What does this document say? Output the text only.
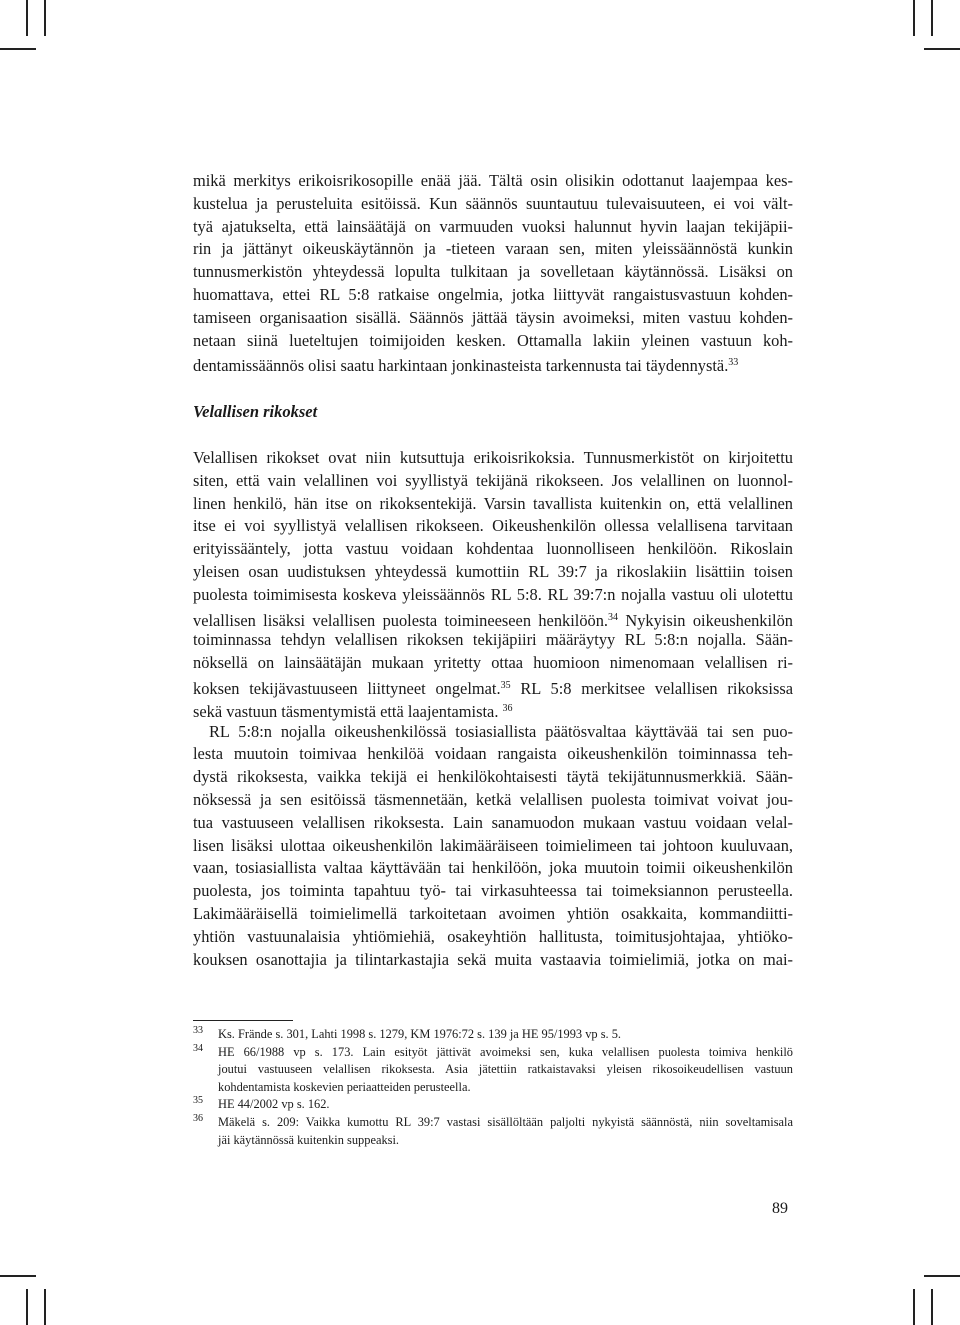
mikä merkitys erikoisrikosopille enää jää. Tältä osin olisikin odottanut laajempaa kes-
kustelua ja perusteluita esitöissä. Kun säännös suuntautuu tulevaisuuteen, ei voi vält-
tyä ajatukselta, että lainsäätäjä on varmuuden vuoksi halunnut hyvin laajan tekijäpii-
rin ja jättänyt oikeuskäytännön ja -tieteen varaan sen, miten yleissäännöstä kunkin
tunnusmerkistön yhteydessä lopulta tulkitaan ja sovelletaan käytännössä. Lisäksi on
huomattava, ettei RL 5:8 ratkaise ongelmia, jotka liittyvät rangaistusvastuun kohden-
tamiseen organisaation sisällä. Säännös jättää täysin avoimeksi, miten vastuu kohden-
netaan siinä lueteltujen toimijoiden kesken. Ottamalla lakiin yleinen vastuun koh-
dentamissäännös olisi saatu harkintaan jonkinasteista tarkennusta tai täydennystä.$^{33}$
Velallisen rikokset
Velallisen rikokset ovat niin kutsuttuja erikoisrikoksia. Tunnusmerkistöt on kirjoitettu
siten, että vain velallinen voi syyllistyä tekijänä rikokseen. Jos velallinen on luonnol-
linen henkilö, hän itse on rikoksentekijä. Varsin tavallista kuitenkin on, että velallinen
itse ei voi syyllistyä velallisen rikokseen. Oikeushenkilön ollessa velallisena tarvitaan
erityissääntely, jotta vastuu voidaan kohdentaa luonnolliseen henkilöön. Rikoslain
yleisen osan uudistuksen yhteydessä kumottiin RL 39:7 ja rikoslakiin lisättiin toisen
puolesta toimimisesta koskeva yleissäännös RL 5:8. RL 39:7:n nojalla vastuu oli ulotettu
velallisen lisäksi velallisen puolesta toimineeseen henkilöön.$^{34}$ Nykyisin oikeushenkilön
toiminnassa tehdyn velallisen rikoksen tekijäpiiri määräytyy RL 5:8:n nojalla. Sään-
nöksellä on lainsäätäjän mukaan yritetty ottaa huomioon nimenomaan velallisen ri-
koksen tekijävastuuseen liittyneet ongelmat.$^{35}$ RL 5:8 merkitsee velallisen rikoksissa
sekä vastuun täsmentymistä että laajentamista. $^{36}$
RL 5:8:n nojalla oikeushenkilössä tosiasiallista päätösvaltaa käyttävää tai sen puo-
lesta muutoin toimivaa henkilöä voidaan rangaista oikeushenkilön toiminnassa teh-
dystä rikoksesta, vaikka tekijä ei henkilökohtaisesti täytä tekijätunnusmerkkiä. Sään-
nöksessä ja sen esitöissä täsmennetään, ketkä velallisen puolesta toimivat voivat jou-
tua vastuuseen velallisen rikoksesta. Lain sanamuodon mukaan vastuu voidaan velal-
lisen lisäksi ulottaa oikeushenkilön lakimääräiseen toimielimeen tai johtoon kuuluvaan,
vaan, tosiasiallista valtaa käyttävään tai henkilöön, joka muutoin toimii oikeushenkilön
puolesta, jos toiminta tapahtuu työ- tai virkasuhteessa tai toimeksiannon perusteella.
Lakimääräisellä toimielimellä tarkoitetaan avoimen yhtiön osakkaita, kommandiitti-
yhtiön vastuunalaisia yhtiömiehiä, osakeyhtiön hallitusta, toimitusjohtajaa, yhtiöko-
kouksen osanottajia ja tilintarkastajia sekä muita vastaavia toimielimiä, jotka on mai-
33 Ks. Frände s. 301, Lahti 1998 s. 1279, KM 1976:72 s. 139 ja HE 95/1993 vp s. 5.
34 HE 66/1988 vp s. 173. Lain esityöt jättivät avoimeksi sen, kuka velallisen puolesta toimiva henkilö
joutui vastuuseen velallisen rikoksesta. Asia jätettiin ratkaistavaksi yleisen rikosoikeudellisen vastuun
kohdentamista koskevien periaatteiden perusteella.
35 HE 44/2002 vp s. 162.
36 Mäkelä s. 209: Vaikka kumottu RL 39:7 vastasi sisällöltään paljolti nykyistä säännöstä, niin soveltamisala
jäi käytännössä kuitenkin suppeaksi.
89
